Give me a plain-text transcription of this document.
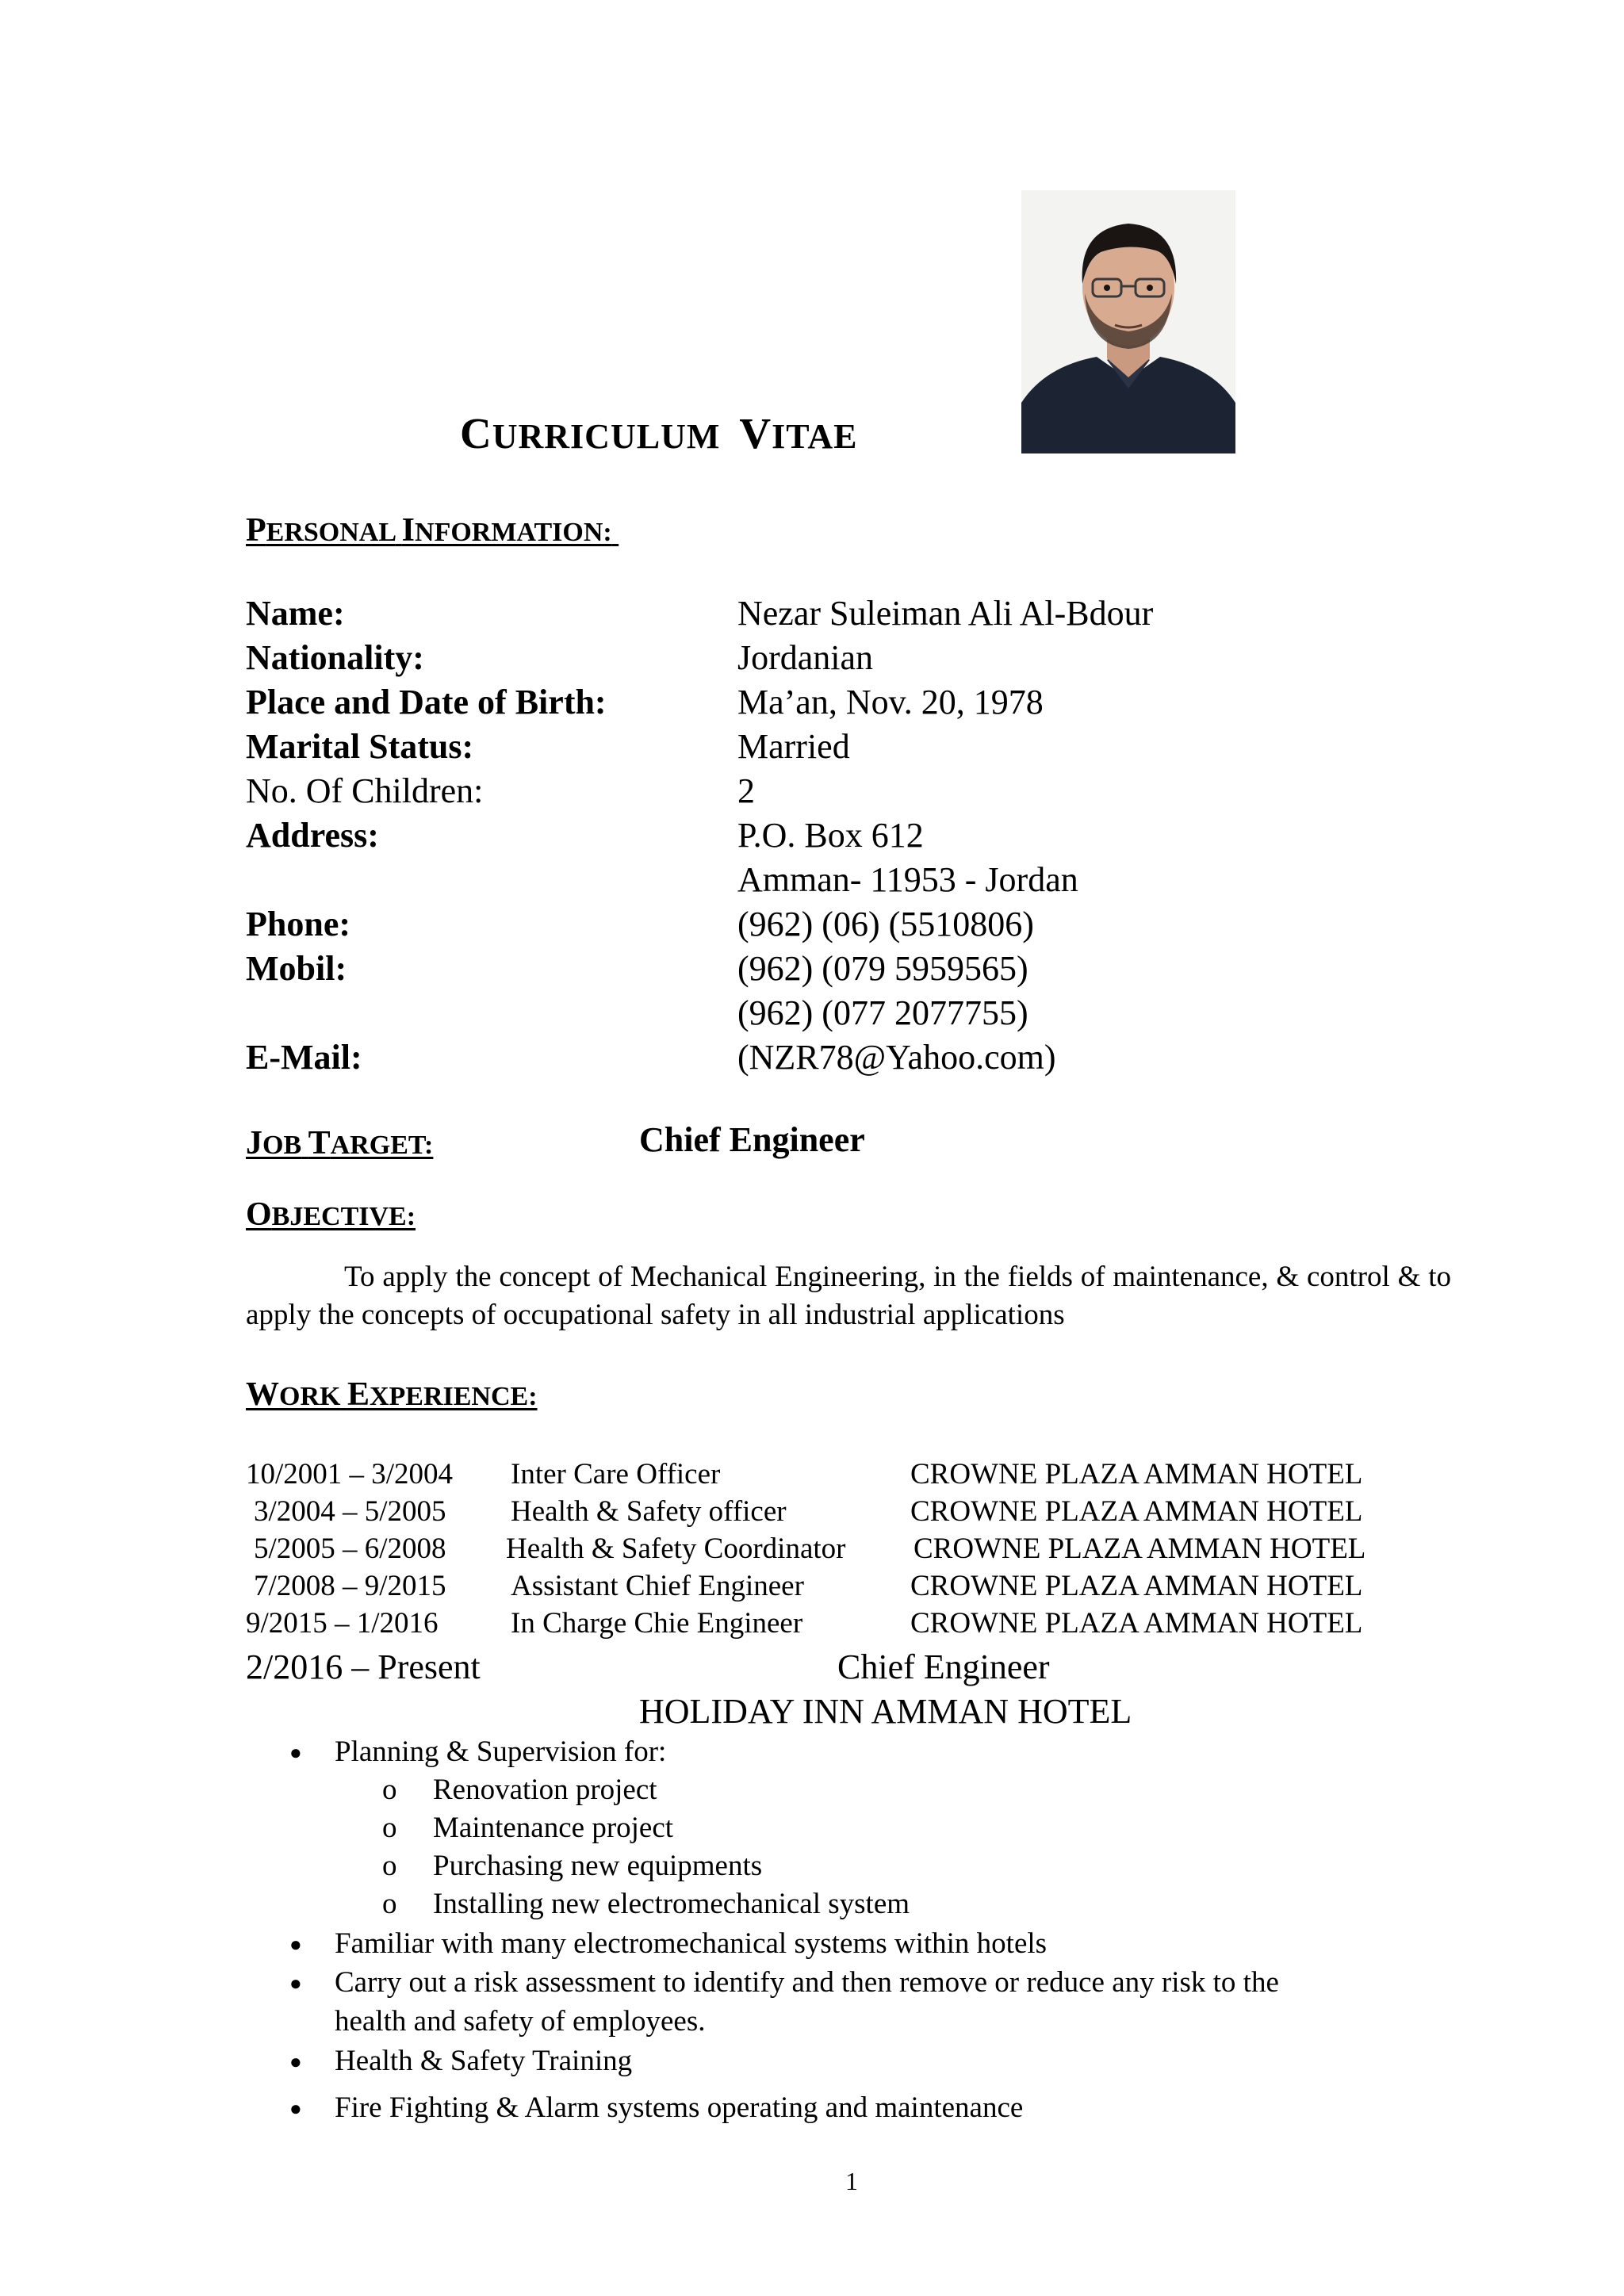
CURRICULUM VITAE
PERSONAL INFORMATION:
Name:	Nezar Suleiman Ali Al-Bdour
Nationality:	Jordanian
Place and Date of Birth:	Ma’an, Nov. 20, 1978
Marital Status:	Married
No. Of Children:	2
Address:	P.O. Box 612
Amman- 11953 - Jordan
Phone:	(962) (06) (5510806)
Mobil:	(962) (079 5959565)
(962) (077 2077755)
E-Mail:	(NZR78@Yahoo.com)
JOB TARGET:	Chief Engineer
OBJECTIVE:
To apply the concept of Mechanical Engineering, in the fields of maintenance, & control & to apply the concepts of occupational safety in all industrial applications
WORK EXPERIENCE:
10/2001 – 3/2004 Inter Care Officer	CROWNE PLAZA AMMAN HOTEL
3/2004 – 5/2005 Health & Safety officer	CROWNE PLAZA AMMAN HOTEL
5/2005 – 6/2008 Health & Safety Coordinator CROWNE PLAZA AMMAN HOTEL
7/2008 – 9/2015 Assistant Chief Engineer	CROWNE PLAZA AMMAN HOTEL
9/2015 – 1/2016 In Charge Chie Engineer	CROWNE PLAZA AMMAN HOTEL
2/2016 – Present	Chief Engineer
HOLIDAY INN AMMAN HOTEL
● Planning & Supervision for:
o Renovation project
o Maintenance project
o Purchasing new equipments
o Installing new electromechanical system
● Familiar with many electromechanical systems within hotels
● Carry out a risk assessment to identify and then remove or reduce any risk to the
health and safety of employees.
● Health & Safety Training
● Fire Fighting & Alarm systems operating and maintenance
1
